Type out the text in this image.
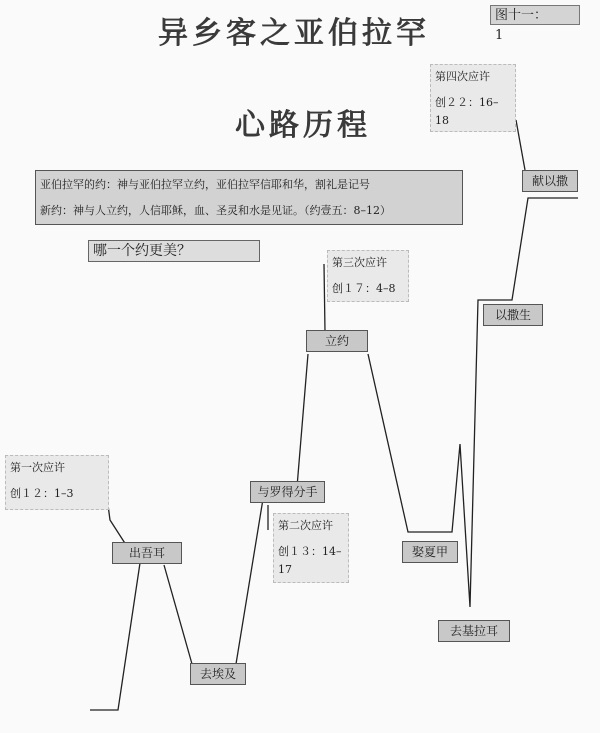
异乡客之亚伯拉罕
心路历程
图十一：1
亚伯拉罕的约：神与亚伯拉罕立约，亚伯拉罕信耶和华，割礼是记号
新约：神与人立约，人信耶稣，血、圣灵和水是见证。（约壹五：8–12）
哪一个约更美？
出吾耳
去埃及
与罗得分手
立约
娶夏甲
去基拉耳
以撒生
献以撒
第一次应许
创１２：1–3
第二次应许
创１３：14–17
第三次应许
创１７：4–8
第四次应许
创２２：16–18
